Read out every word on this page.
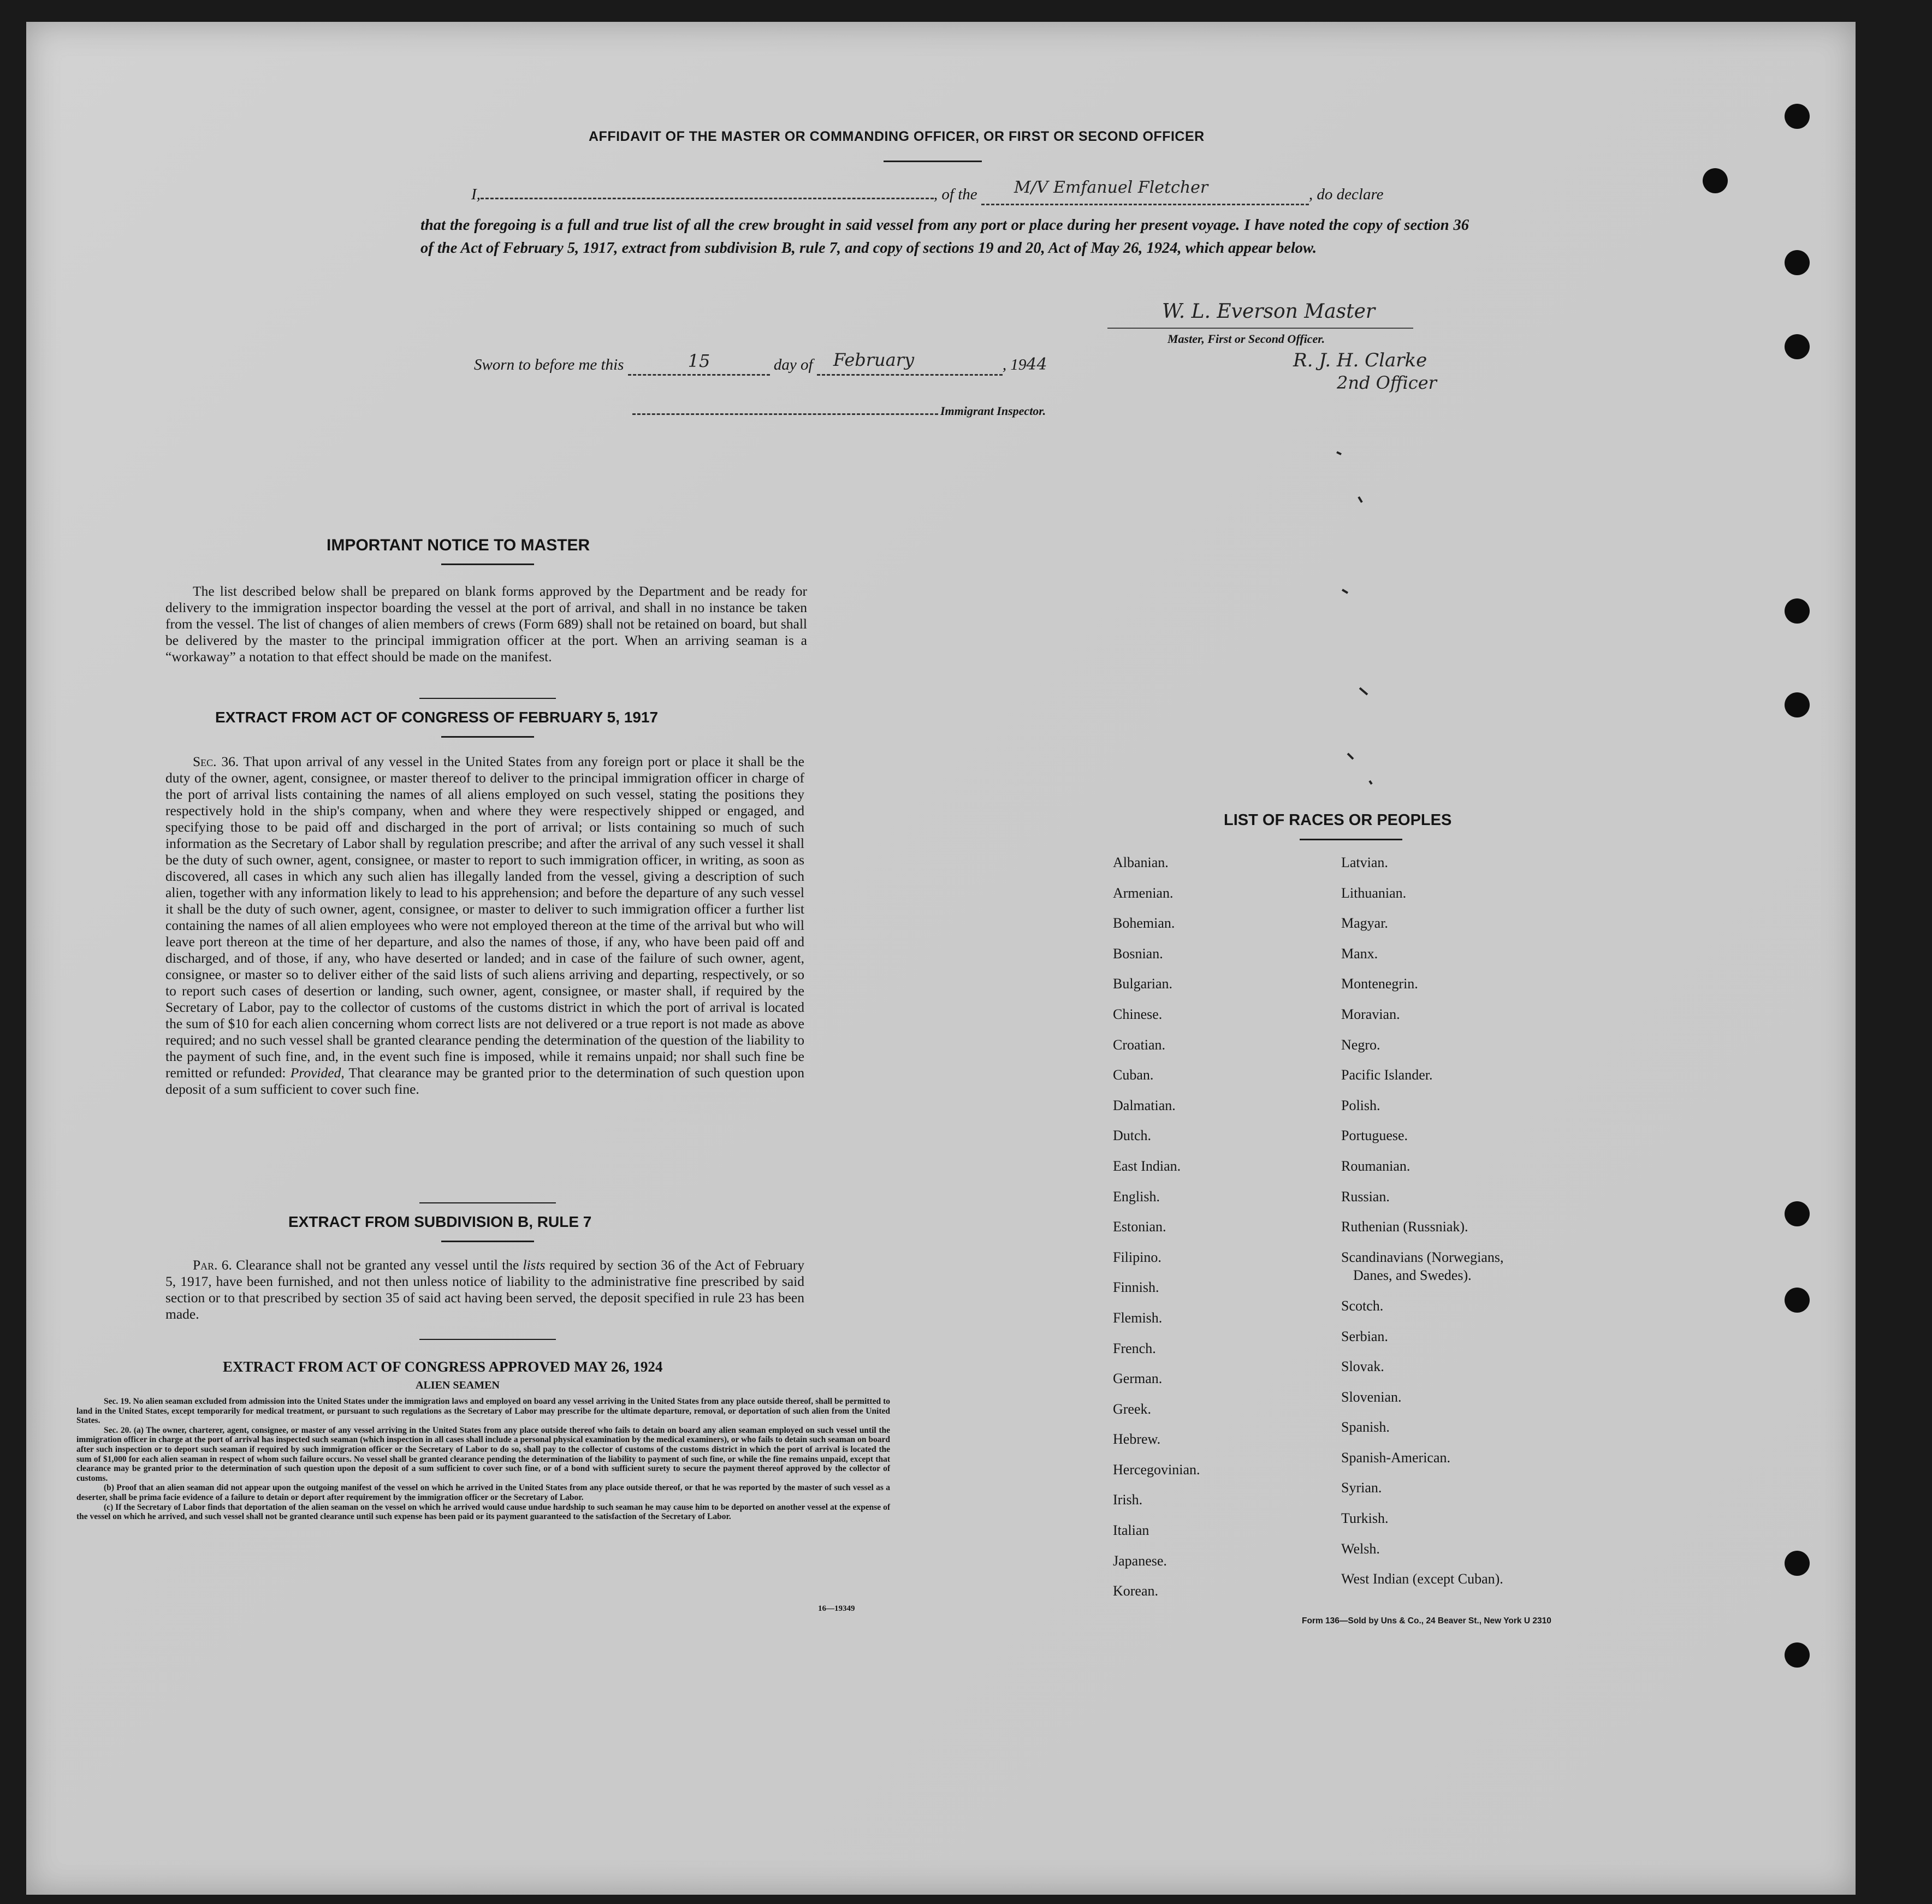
AFFIDAVIT OF THE MASTER OR COMMANDING OFFICER, OR FIRST OR SECOND OFFICER
I,	, of the M/V Emfanuel Fletcher	, do declare
that the foregoing is a full and true list of all the crew brought in said vessel from any port or place during her present voyage. I have noted the copy of section 36 of the Act of February 5, 1917, extract from subdivision B, rule 7, and copy of sections 19 and 20, Act of May 26, 1924, which appear below.
W. L. Everson Master
Master, First or Second Officer.
Sworn to before me this	15	day of February	, 1944	R. J. H. Clarke
2nd Officer
Immigrant Inspector.
IMPORTANT NOTICE TO MASTER
The list described below shall be prepared on blank forms approved by the Department and be ready for delivery to the immigration inspector boarding the vessel at the port of arrival, and shall in no instance be taken from the vessel. The list of changes of alien members of crews (Form 689) shall not be retained on board, but shall be delivered by the master to the principal immigration officer at the port. When an arriving seaman is a “workaway” a notation to that effect should be made on the manifest.
EXTRACT FROM ACT OF CONGRESS OF FEBRUARY 5, 1917
Sec. 36. That upon arrival of any vessel in the United States from any foreign port or place it shall be the duty of the owner, agent, consignee, or master thereof to deliver to the principal immigration officer in charge of the port of arrival lists containing the names of all aliens employed on such vessel, stating the positions they respectively hold in the ship's company, when and where they were respectively shipped or engaged, and specifying those to be paid off and discharged in the port of arrival; or lists containing so much of such information as the Secretary of Labor shall by regulation prescribe; and after the arrival of any such vessel it shall be the duty of such owner, agent, consignee, or master to report to such immigration officer, in writing, as soon as discovered, all cases in which any such alien has illegally landed from the vessel, giving a description of such alien, together with any information likely to lead to his apprehension; and before the departure of any such vessel it shall be the duty of such owner, agent, consignee, or master to deliver to such immigration officer a further list containing the names of all alien employees who were not employed thereon at the time of the arrival but who will leave port thereon at the time of her departure, and also the names of those, if any, who have been paid off and discharged, and of those, if any, who have deserted or landed; and in case of the failure of such owner, agent, consignee, or master so to deliver either of the said lists of such aliens arriving and departing, respectively, or so to report such cases of desertion or landing, such owner, agent, consignee, or master shall, if required by the Secretary of Labor, pay to the collector of customs of the customs district in which the port of arrival is located the sum of $10 for each alien concerning whom correct lists are not delivered or a true report is not made as above required; and no such vessel shall be granted clearance pending the determination of the question of the liability to the payment of such fine, and, in the event such fine is imposed, while it remains unpaid; nor shall such fine be remitted or refunded: Provided, That clearance may be granted prior to the determination of such question upon deposit of a sum sufficient to cover such fine.
EXTRACT FROM SUBDIVISION B, RULE 7
Par. 6. Clearance shall not be granted any vessel until the lists required by section 36 of the Act of February 5, 1917, have been furnished, and not then unless notice of liability to the administrative fine prescribed by said section or to that prescribed by section 35 of said act having been served, the deposit specified in rule 23 has been made.
EXTRACT FROM ACT OF CONGRESS APPROVED MAY 26, 1924
ALIEN SEAMEN
Sec. 19. No alien seaman excluded from admission into the United States under the immigration laws and employed on board any vessel arriving in the United States from any place outside thereof, shall be permitted to land in the United States, except temporarily for medical treatment, or pursuant to such regulations as the Secretary of Labor may prescribe for the ultimate departure, removal, or deportation of such alien from the United States.
Sec. 20. (a) The owner, charterer, agent, consignee, or master of any vessel arriving in the United States from any place outside thereof who fails to detain on board any alien seaman employed on such vessel until the immigration officer in charge at the port of arrival has inspected such seaman (which inspection in all cases shall include a personal physical examination by the medical examiners), or who fails to detain such seaman on board after such inspection or to deport such seaman if required by such immigration officer or the Secretary of Labor to do so, shall pay to the collector of customs of the customs district in which the port of arrival is located the sum of $1,000 for each alien seaman in respect of whom such failure occurs. No vessel shall be granted clearance pending the determination of the liability to payment of such fine, or while the fine remains unpaid, except that clearance may be granted prior to the determination of such question upon the deposit of a sum sufficient to cover such fine, or of a bond with sufficient surety to secure the payment thereof approved by the collector of customs.
(b) Proof that an alien seaman did not appear upon the outgoing manifest of the vessel on which he arrived in the United States from any place outside thereof, or that he was reported by the master of such vessel as a deserter, shall be prima facie evidence of a failure to detain or deport after requirement by the immigration officer or the Secretary of Labor.
(c) If the Secretary of Labor finds that deportation of the alien seaman on the vessel on which he arrived would cause undue hardship to such seaman he may cause him to be deported on another vessel at the expense of the vessel on which he arrived, and such vessel shall not be granted clearance until such expense has been paid or its payment guaranteed to the satisfaction of the Secretary of Labor.
16—19349
LIST OF RACES OR PEOPLES
Albanian.
Armenian.
Bohemian.
Bosnian.
Bulgarian.
Chinese.
Croatian.
Cuban.
Dalmatian.
Dutch.
East Indian.
English.
Estonian.
Filipino.
Finnish.
Flemish.
French.
German.
Greek.
Hebrew.
Hercegovinian.
Irish.
Italian
Japanese.
Korean.
Latvian.
Lithuanian.
Magyar.
Manx.
Montenegrin.
Moravian.
Negro.
Pacific Islander.
Polish.
Portuguese.
Roumanian.
Russian.
Ruthenian (Russniak).
Scandinavians (Norwegians,
Danes, and Swedes).
Scotch.
Serbian.
Slovak.
Slovenian.
Spanish.
Spanish-American.
Syrian.
Turkish.
Welsh.
West Indian (except Cuban).
Form 136—Sold by Uns & Co., 24 Beaver St., New York U 2310
